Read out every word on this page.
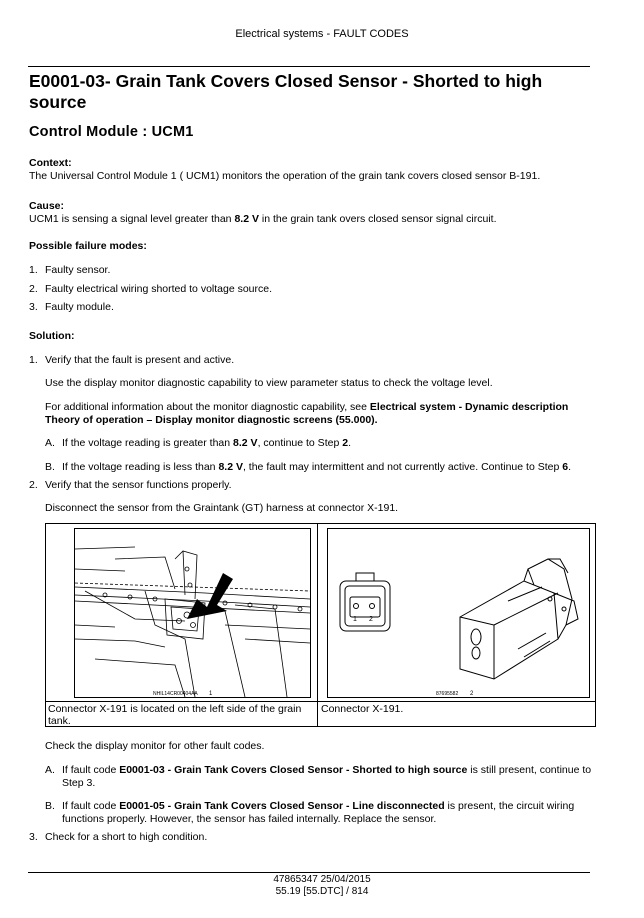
Electrical systems - FAULT CODES
E0001-03- Grain Tank Covers Closed Sensor - Shorted to high source
Control Module : UCM1
Context:
The Universal Control Module 1 ( UCM1) monitors the operation of the grain tank covers closed sensor B-191.
Cause:
UCM1 is sensing a signal level greater than 8.2 V in the grain tank overs closed sensor signal circuit.
Possible failure modes:
1. Faulty sensor.
2. Faulty electrical wiring shorted to voltage source.
3. Faulty module.
Solution:
1. Verify that the fault is present and active.
Use the display monitor diagnostic capability to view parameter status to check the voltage level.
For additional information about the monitor diagnostic capability, see Electrical system - Dynamic description Theory of operation – Display monitor diagnostic screens (55.000).
A. If the voltage reading is greater than 8.2 V, continue to Step 2.
B. If the voltage reading is less than 8.2 V, the fault may intermittent and not currently active. Continue to Step 6.
2. Verify that the sensor functions properly.
Disconnect the sensor from the Graintank (GT) harness at connector X-191.
NHIL14CR00404AA 1
Connector X-191 is located on the left side of the grain tank.
1 2
87695582 2
Connector X-191.
Check the display monitor for other fault codes.
A. If fault code E0001-03 - Grain Tank Covers Closed Sensor - Shorted to high source is still present, continue to Step 3.
B. If fault code E0001-05 - Grain Tank Covers Closed Sensor - Line disconnected is present, the circuit wiring functions properly. However, the sensor has failed internally. Replace the sensor.
3. Check for a short to high condition.
47865347 25/04/2015
55.19 [55.DTC] / 814
